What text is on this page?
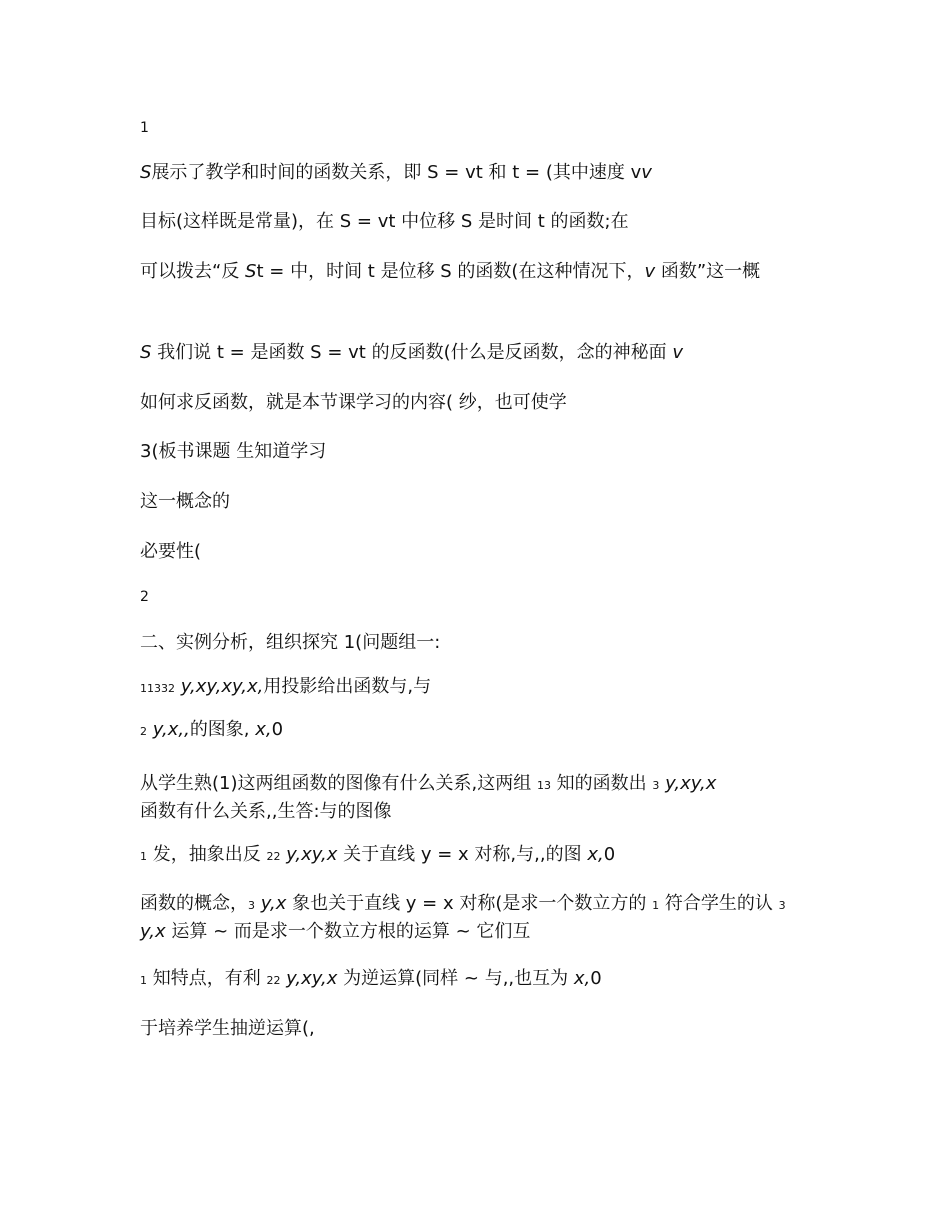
1
S展示了教学和时间的函数关系，即 S = vt 和 t = (其中速度 vv
目标(这样既是常量)，在 S = vt 中位移 S 是时间 t 的函数;在
可以拨去“反 St = 中，时间 t 是位移 S 的函数(在这种情况下，v 函数”这一概
S 我们说 t = 是函数 S = vt 的反函数(什么是反函数，念的神秘面 v
如何求反函数，就是本节课学习的内容( 纱，也可使学
3(板书课题 生知道学习
这一概念的
必要性(
2
二、实例分析，组织探究 1(问题组一:
11332 y,xy,xy,x,用投影给出函数与,与
2 y,x,,的图象, x,0
从学生熟(1)这两组函数的图像有什么关系,这两组 13 知的函数出 3 y,xy,x
函数有什么关系,,生答:与的图像
1 发，抽象出反 22 y,xy,x 关于直线 y = x 对称,与,,的图 x,0
函数的概念，3 y,x 象也关于直线 y = x 对称(是求一个数立方的 1 符合学生的认 3 y,x 运算 ~ 而是求一个数立方根的运算 ~ 它们互
1 知特点，有利 22 y,xy,x 为逆运算(同样 ~ 与,,也互为 x,0
于培养学生抽逆运算(,
